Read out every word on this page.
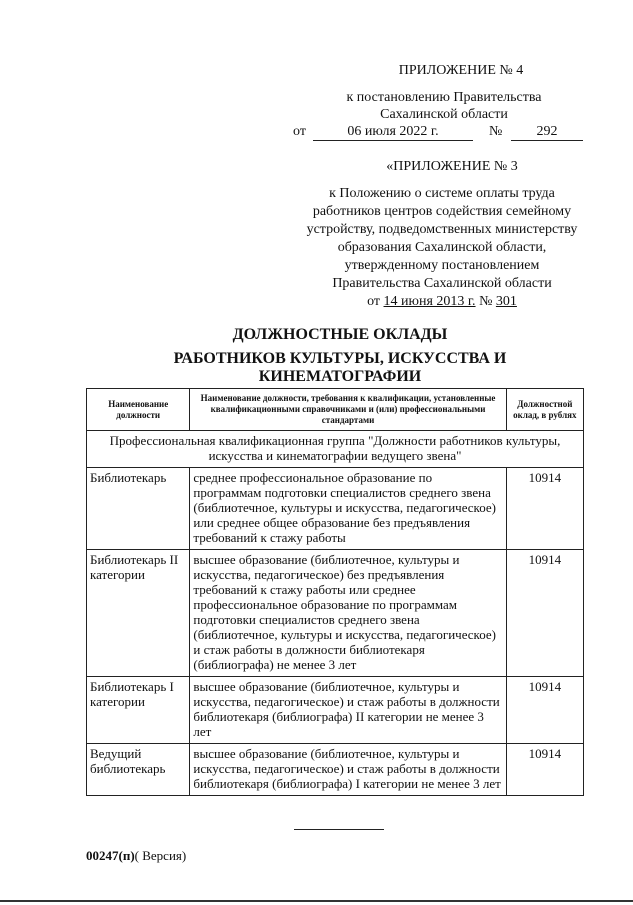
ПРИЛОЖЕНИЕ № 4
к постановлению Правительства
Сахалинской области
от	06 июля 2022 г.	№	292
«ПРИЛОЖЕНИЕ № 3
к Положению о системе оплаты труда
работников центров содействия семейному
устройству, подведомственных министерству
образования Сахалинской области,
утвержденному постановлением
Правительства Сахалинской области
от 14 июня 2013 г. № 301
ДОЛЖНОСТНЫЕ ОКЛАДЫ
РАБОТНИКОВ КУЛЬТУРЫ, ИСКУССТВА И
КИНЕМАТОГРАФИИ
Наименование должности	Наименование должности, требования к квалификации, установленные квалификационными справочниками и (или) профессиональными стандартами	Должностной оклад, в рублях
Профессиональная квалификационная группа "Должности работников культуры, искусства и кинематографии ведущего звена"		
Библиотекарь	среднее профессиональное образование по программам подготовки специалистов среднего звена (библиотечное, культуры и искусства, педагогическое) или среднее общее образование без предъявления требований к стажу работы	10914
Библиотекарь II категории	высшее образование (библиотечное, культуры и искусства, педагогическое) без предъявления требований к стажу работы или среднее профессиональное образование по программам подготовки специалистов среднего звена (библиотечное, культуры и искусства, педагогическое) и стаж работы в должности библиотекаря (библиографа) не менее 3 лет	10914
Библиотекарь I категории	высшее образование (библиотечное, культуры и искусства, педагогическое) и стаж работы в должности библиотекаря (библиографа) II категории не менее 3 лет	10914
Ведущий библиотекарь	высшее образование (библиотечное, культуры и искусства, педагогическое) и стаж работы в должности библиотекаря (библиографа) I категории не менее 3 лет	10914
00247(п)( Версия)
